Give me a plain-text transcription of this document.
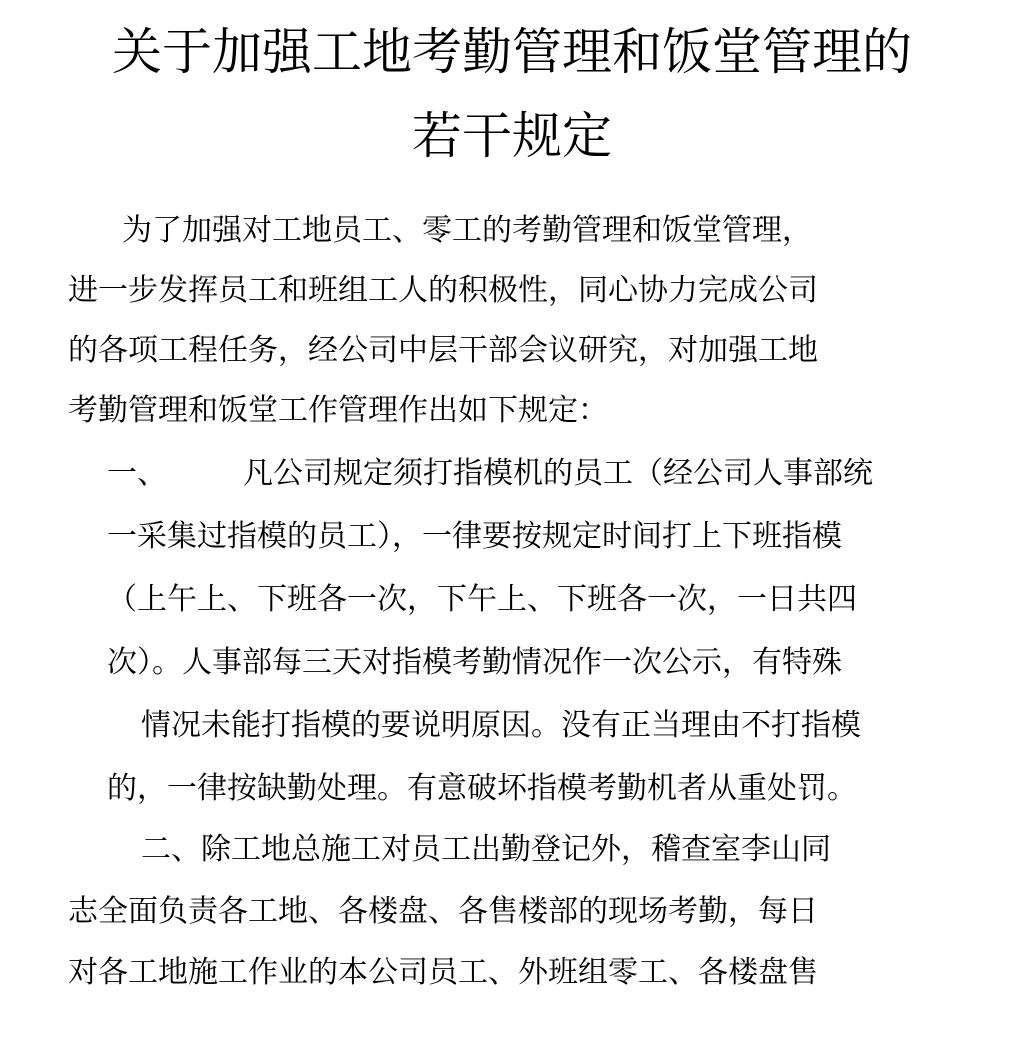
关于加强工地考勤管理和饭堂管理的
若干规定

为了加强对工地员工、零工的考勤管理和饭堂管理，

进一步发挥员工和班组工人的积极性，同心协力完成公司

的各项工程任务，经公司中层干部会议研究，对加强工地

考勤管理和饭堂工作管理作出如下规定：

一、	凡公司规定须打指模机的员工（经公司人事部统

一采集过指模的员工），一律要按规定时间打上下班指模

（上午上、下班各一次，下午上、下班各一次，一日共四

次）。人事部每三天对指模考勤情况作一次公示，有特殊

情况未能打指模的要说明原因。没有正当理由不打指模

的，一律按缺勤处理。有意破坏指模考勤机者从重处罚。

二、除工地总施工对员工出勤登记外，稽查室李山同

志全面负责各工地、各楼盘、各售楼部的现场考勤，每日

对各工地施工作业的本公司员工、外班组零工、各楼盘售
